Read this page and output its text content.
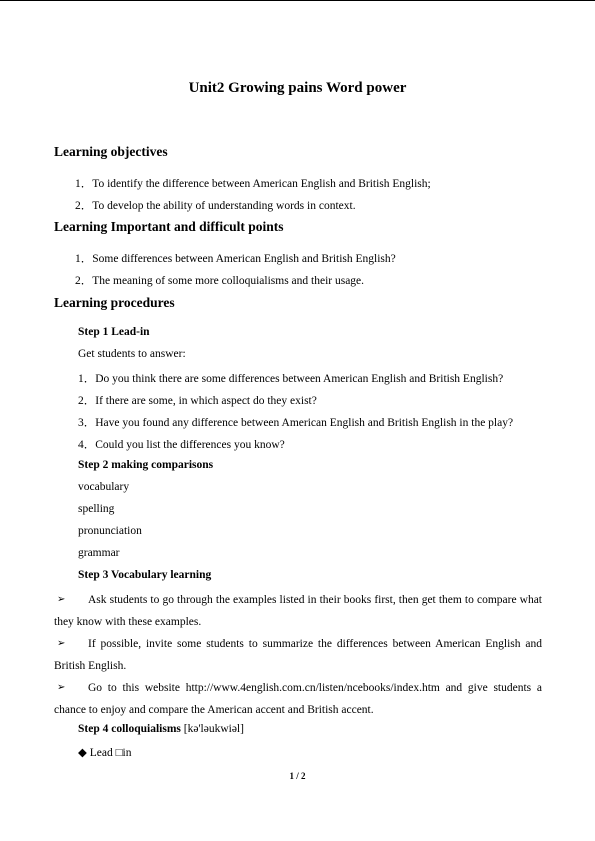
Unit2 Growing pains Word power
Learning objectives
1．To identify the difference between American English and British English;
2．To develop the ability of understanding words in context.
Learning Important and difficult points
1．Some differences between American English and British English?
2．The meaning of some more colloquialisms and their usage.
Learning procedures
Step 1 Lead-in
Get students to answer:
1．Do you think there are some differences between American English and British English?
2．If there are some, in which aspect do they exist?
3．Have you found any difference between American English and British English in the play?
4．Could you list the differences you know?
Step 2 making comparisons
vocabulary
spelling
pronunciation
grammar
Step 3 Vocabulary learning
➢	Ask students to go through the examples listed in their books first, then get them to compare what they know with these examples.
➢	If possible, invite some students to summarize the differences between American English and British English.
➢	Go to this website http://www.4english.com.cn/listen/ncebooks/index.htm and give students a chance to enjoy and compare the American accent and British accent.
Step 4 colloquialisms [kə'ləukwiəl]
◆ Lead □in
1 / 2
